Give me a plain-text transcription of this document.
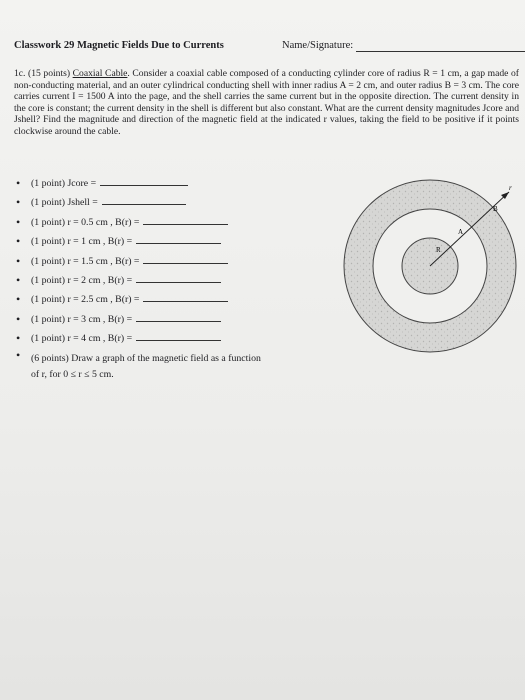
Classwork 29 Magnetic Fields Due to Currents	Name/Signature:
1c. (15 points) Coaxial Cable. Consider a coaxial cable composed of a conducting cylinder core of radius R = 1 cm, a gap made of non-conducting material, and an outer cylindrical conducting shell with inner radius A = 2 cm, and outer radius B = 3 cm. The core carries current I = 1500 A into the page, and the shell carries the same current but in the opposite direction. The current density in the core is constant; the current density in the shell is different but also constant. What are the current density magnitudes Jcore and Jshell? Find the magnitude and direction of the magnetic field at the indicated r values, taking the field to be positive if it points clockwise around the cable.
• (1 point) Jcore =
• (1 point) Jshell =
• (1 point) r = 0.5 cm , B(r) =
• (1 point) r = 1 cm , B(r) =
• (1 point) r = 1.5 cm , B(r) =
• (1 point) r = 2 cm , B(r) =
• (1 point) r = 2.5 cm , B(r) =
• (1 point) r = 3 cm , B(r) =
• (1 point) r = 4 cm , B(r) =
• (6 points) Draw a graph of the magnetic field as a function
of r, for 0 ≤ r ≤ 5 cm.
r
B
A
R
